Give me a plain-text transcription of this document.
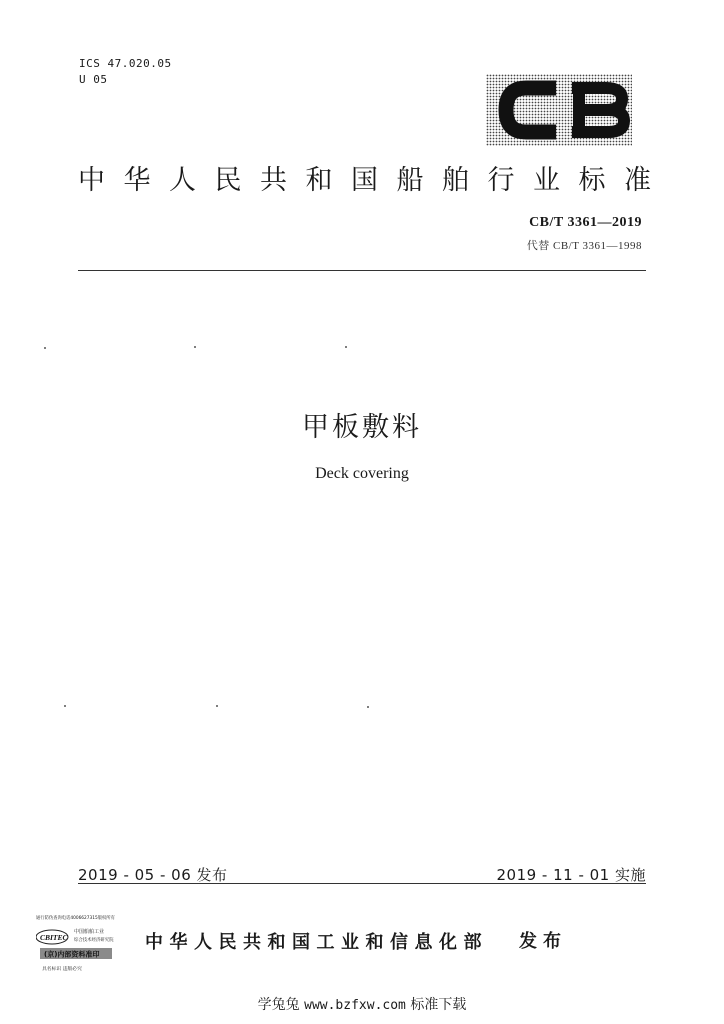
ICS 47.020.05
U 05
中华人民共和国船舶行业标准
CB/T 3361—2019
代替 CB/T 3361—1998
甲板敷料
Deck covering
2019 - 05 - 06 发布	2019 - 11 - 01 实施
通行防伪查询电话4006627315版权所有
CBITEC
中国船舶工业
综合技术经济研究院
(京)内部资料准印
具名标识 违版必究
中华人民共和国工业和信息化部 发布
学兔兔 www.bzfxw.com 标准下载
